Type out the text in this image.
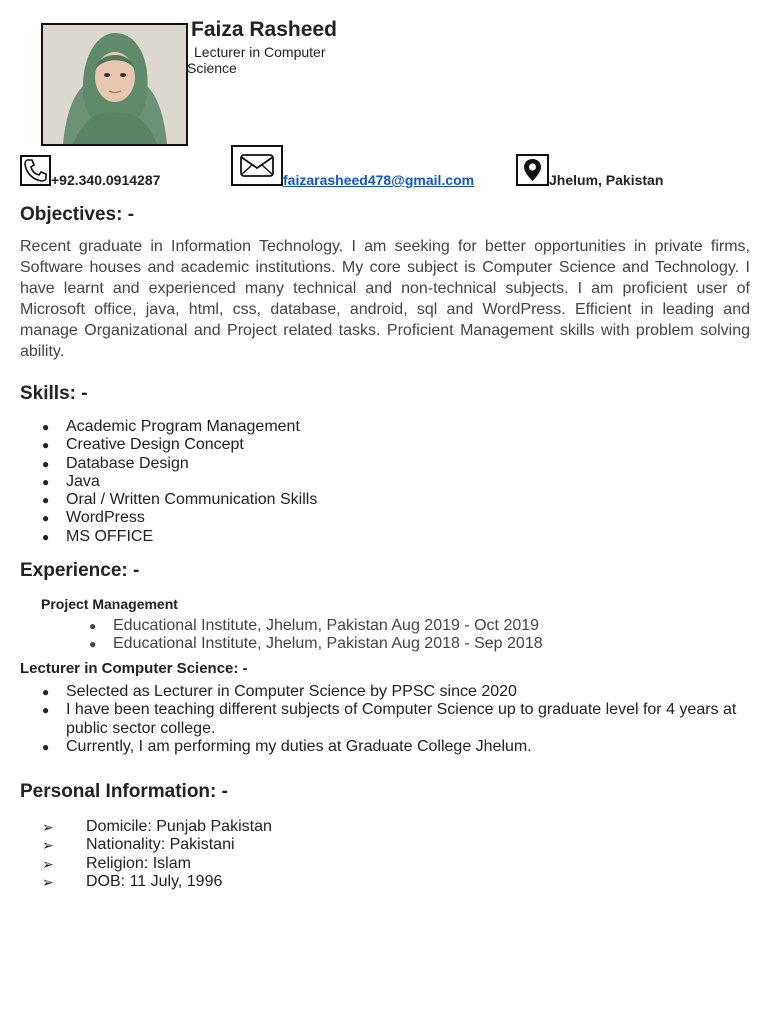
Faiza Rasheed
Lecturer in Computer Science
+92.340.0914287	faizarasheed478@gmail.com	Jhelum, Pakistan
Objectives: -

Recent graduate in Information Technology. I am seeking for better opportunities in private firms, Software houses and academic institutions. My core subject is Computer Science and Technology. I have learnt and experienced many technical and non-technical subjects. I am proficient user of Microsoft office, java, html, css, database, android, sql and WordPress. Efficient in leading and manage Organizational and Project related tasks. Proficient Management skills with problem solving ability.

Skills: -
● Academic Program Management
● Creative Design Concept
● Database Design
● Java
● Oral / Written Communication Skills
● WordPress
● MS OFFICE
Experience: -
Project Management
● Educational Institute, Jhelum, Pakistan Aug 2019 - Oct 2019
● Educational Institute, Jhelum, Pakistan Aug 2018 - Sep 2018
Lecturer in Computer Science: -
● Selected as Lecturer in Computer Science by PPSC since 2020
● I have been teaching different subjects of Computer Science up to graduate level for 4 years at public sector college.
● Currently, I am performing my duties at Graduate College Jhelum.
Personal Information: -
➢ Domicile: Punjab Pakistan
➢ Nationality: Pakistani
➢ Religion: Islam
➢ DOB: 11 July, 1996
